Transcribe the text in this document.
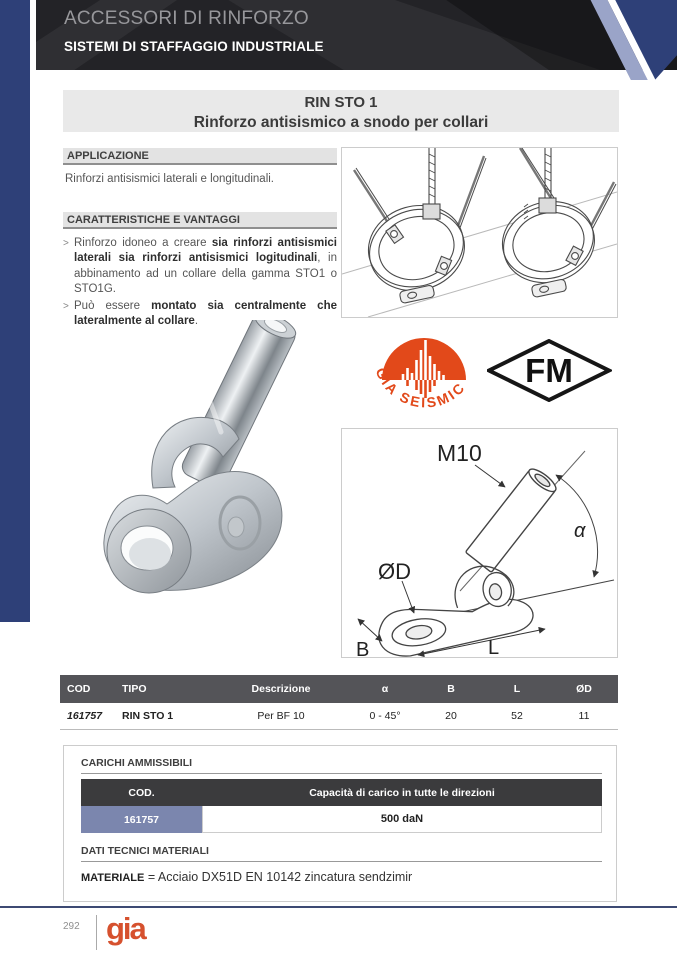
ACCESSORI DI RINFORZO
SISTEMI DI STAFFAGGIO INDUSTRIALE
RIN STO 1
Rinforzo antisismico a snodo per collari
APPLICAZIONE
Rinforzi antisismici laterali e longitudinali.
CARATTERISTICHE E VANTAGGI
> Rinforzo idoneo a creare sia rinforzi antisismici laterali sia rinforzi antisismici logitudinali, in abbinamento ad un collare della gamma STO1 o STO1G.
> Può essere montato sia centralmente che lateralmente al collare.
GIA SEISMIC FM
M10
α
ØD
B	L
COD	TIPO	Descrizione	α	B	L	ØD
161757	RIN STO 1	Per BF 10	0 - 45°	20	52	11
CARICHI AMMISSIBILI
COD.	Capacità di carico in tutte le direzioni
161757	500 daN
DATI TECNICI MATERIALI
MATERIALE = Acciaio DX51D EN 10142 zincatura sendzimir
292 gia
